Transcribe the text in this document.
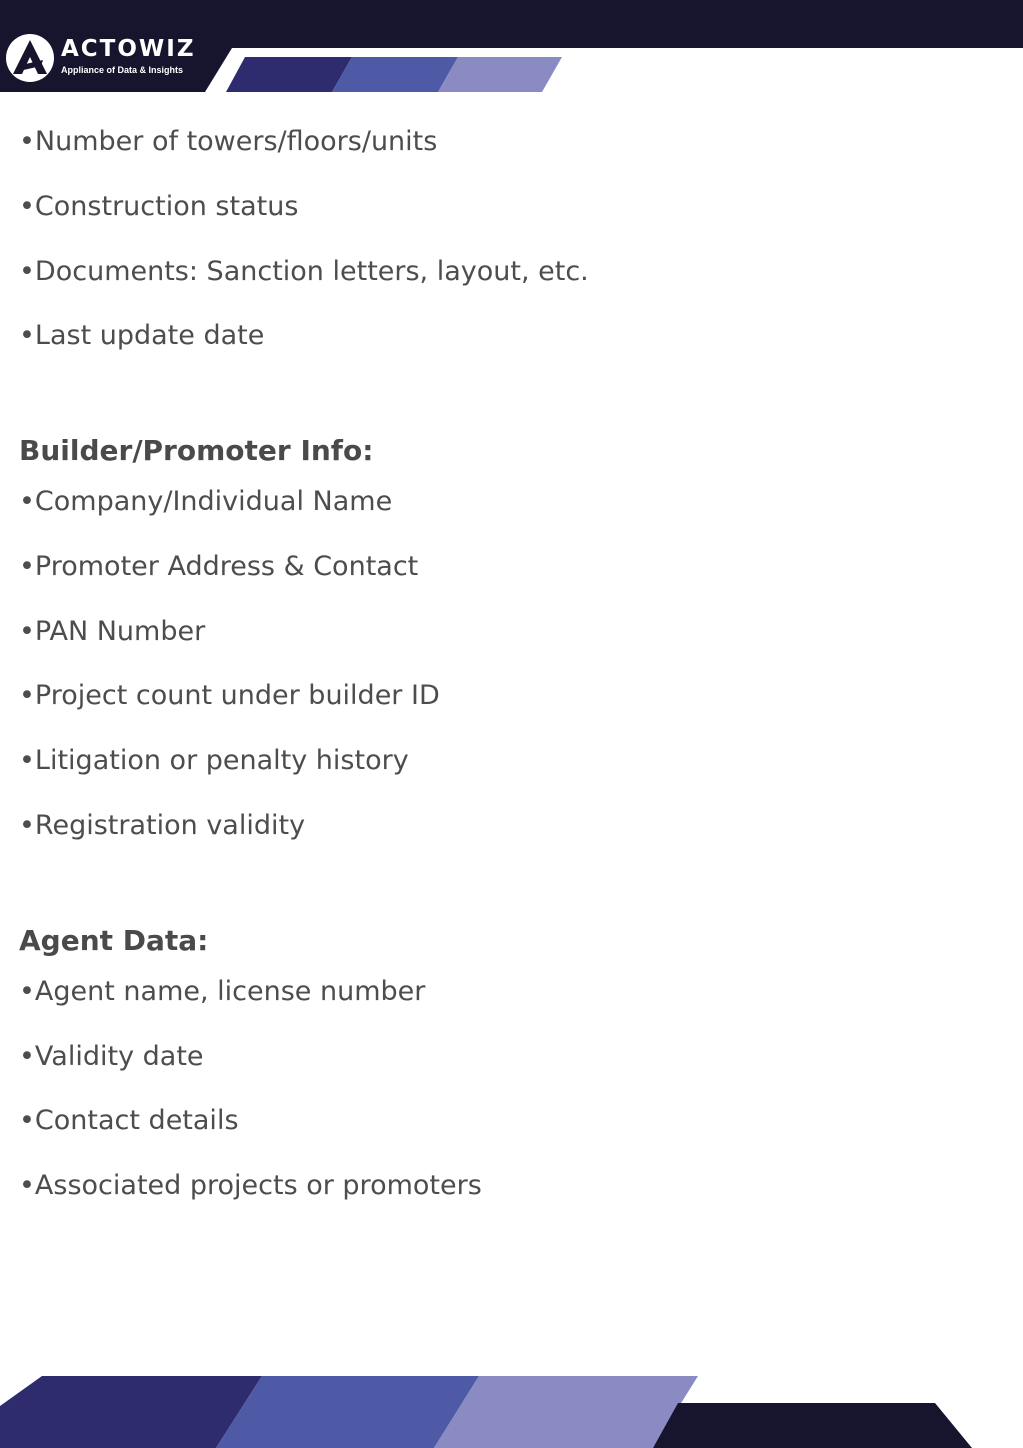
ACTOWIZ
Appliance of Data & Insights
•Number of towers/floors/units
•Construction status
•Documents: Sanction letters, layout, etc.
•Last update date
Builder/Promoter Info:
•Company/Individual Name
•Promoter Address & Contact
•PAN Number
•Project count under builder ID
•Litigation or penalty history
•Registration validity
Agent Data:
•Agent name, license number
•Validity date
•Contact details
•Associated projects or promoters
